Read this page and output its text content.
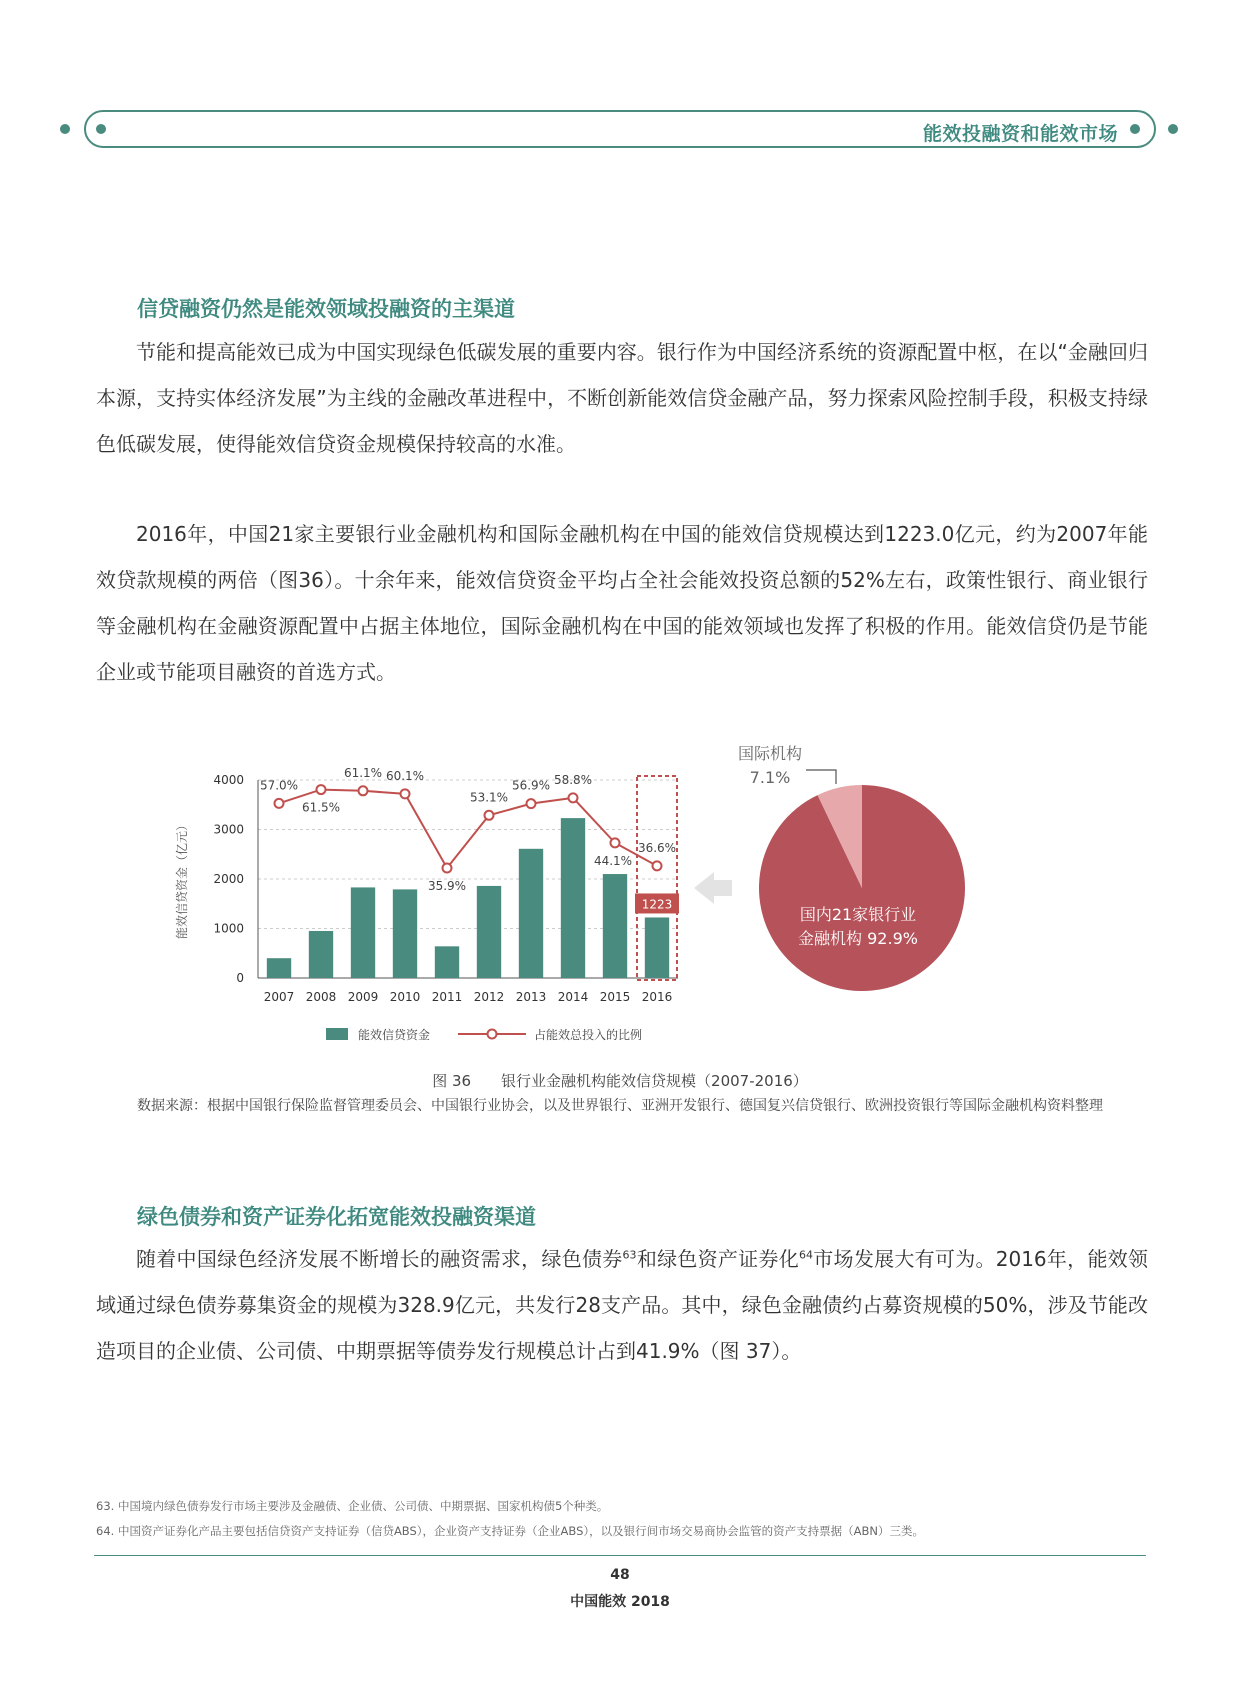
能效投融资和能效市场
信贷融资仍然是能效领域投融资的主渠道
节能和提高能效已成为中国实现绿色低碳发展的重要内容。银行作为中国经济系统的资源配置中枢，在以“金融回归本源，支持实体经济发展”为主线的金融改革进程中，不断创新能效信贷金融产品，努力探索风险控制手段，积极支持绿色低碳发展，使得能效信贷资金规模保持较高的水准。
2016年，中国21家主要银行业金融机构和国际金融机构在中国的能效信贷规模达到1223.0亿元，约为2007年能效贷款规模的两倍（图36）。十余年来，能效信贷资金平均占全社会能效投资总额的52%左右，政策性银行、商业银行等金融机构在金融资源配置中占据主体地位，国际金融机构在中国的能效领域也发挥了积极的作用。能效信贷仍是节能企业或节能项目融资的首选方式。
0
1000
2000
3000
4000
能效信贷资金（亿元）
2007 2008 2009 2010 2011 2012 2013 2014 2015 2016
1223
57.0%
61.5%
61.1% 60.1%
35.9%
53.1%
56.9% 58.8%
44.1%
36.6%
能效信贷资金	占能效总投入的比例
国内21家银行业
金融机构 92.9%
国际机构
7.1%
图 36　　银行业金融机构能效信贷规模（2007-2016）
数据来源：根据中国银行保险监督管理委员会、中国银行业协会，以及世界银行、亚洲开发银行、德国复兴信贷银行、欧洲投资银行等国际金融机构资料整理
绿色债券和资产证券化拓宽能效投融资渠道
随着中国绿色经济发展不断增长的融资需求，绿色债券$^{63}$和绿色资产证券化$^{64}$市场发展大有可为。2016年，能效领域通过绿色债券募集资金的规模为328.9亿元，共发行28支产品。其中，绿色金融债约占募资规模的50%，涉及节能改造项目的企业债、公司债、中期票据等债券发行规模总计占到41.9%（图 37）。
63. 中国境内绿色债券发行市场主要涉及金融债、企业债、公司债、中期票据、国家机构债5个种类。
64. 中国资产证券化产品主要包括信贷资产支持证券（信贷ABS），企业资产支持证券（企业ABS），以及银行间市场交易商协会监管的资产支持票据（ABN）三类。
48
中国能效 2018
